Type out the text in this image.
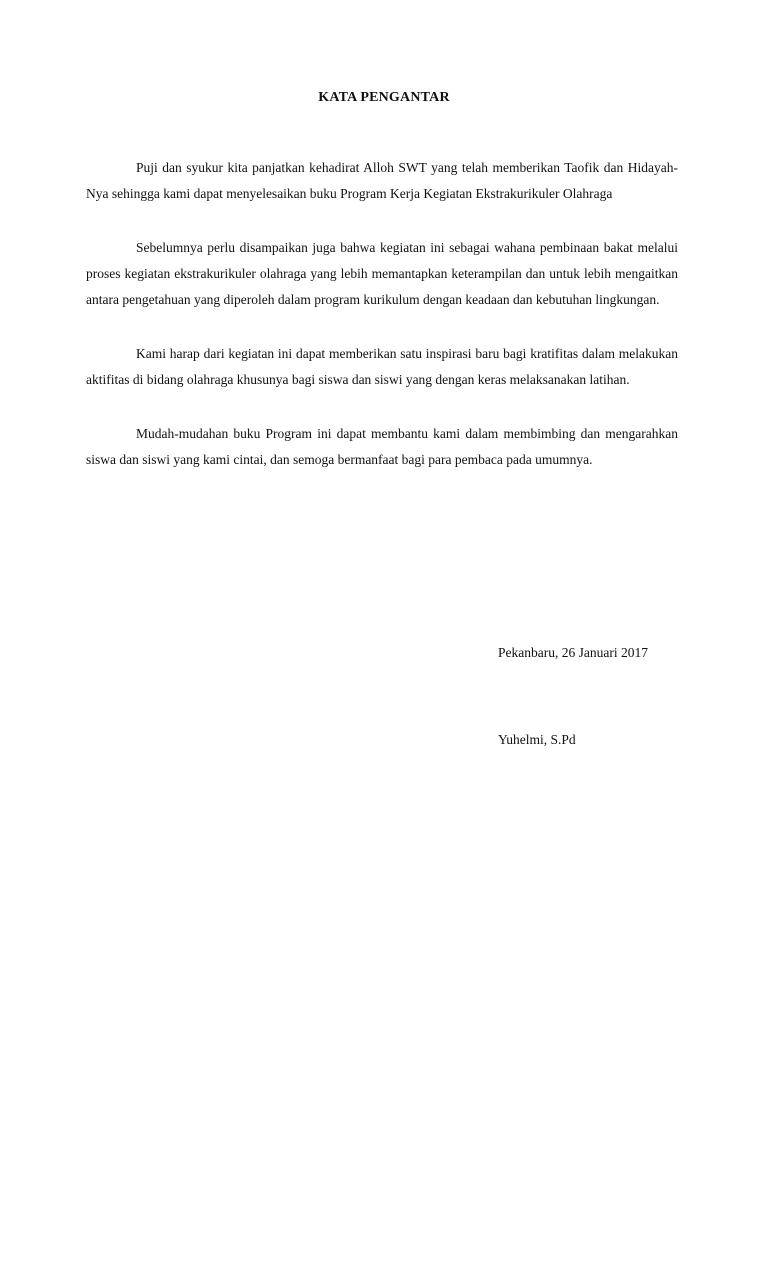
KATA PENGANTAR

Puji dan syukur kita panjatkan kehadirat Alloh SWT yang telah memberikan Taofik dan Hidayah-Nya sehingga kami dapat menyelesaikan buku Program Kerja Kegiatan Ekstrakurikuler Olahraga

Sebelumnya perlu disampaikan juga bahwa kegiatan ini sebagai wahana pembinaan bakat melalui proses kegiatan ekstrakurikuler olahraga yang lebih memantapkan keterampilan dan untuk lebih mengaitkan antara pengetahuan yang diperoleh dalam program kurikulum dengan keadaan dan kebutuhan lingkungan.

Kami harap dari kegiatan ini dapat memberikan satu inspirasi baru bagi kratifitas dalam melakukan aktifitas di bidang olahraga khusunya bagi siswa dan siswi yang dengan keras melaksanakan latihan.

Mudah-mudahan buku Program ini dapat membantu kami dalam membimbing dan mengarahkan siswa dan siswi yang kami cintai, dan semoga bermanfaat bagi para pembaca pada umumnya.

Pekanbaru, 26 Januari 2017
Yuhelmi, S.Pd
